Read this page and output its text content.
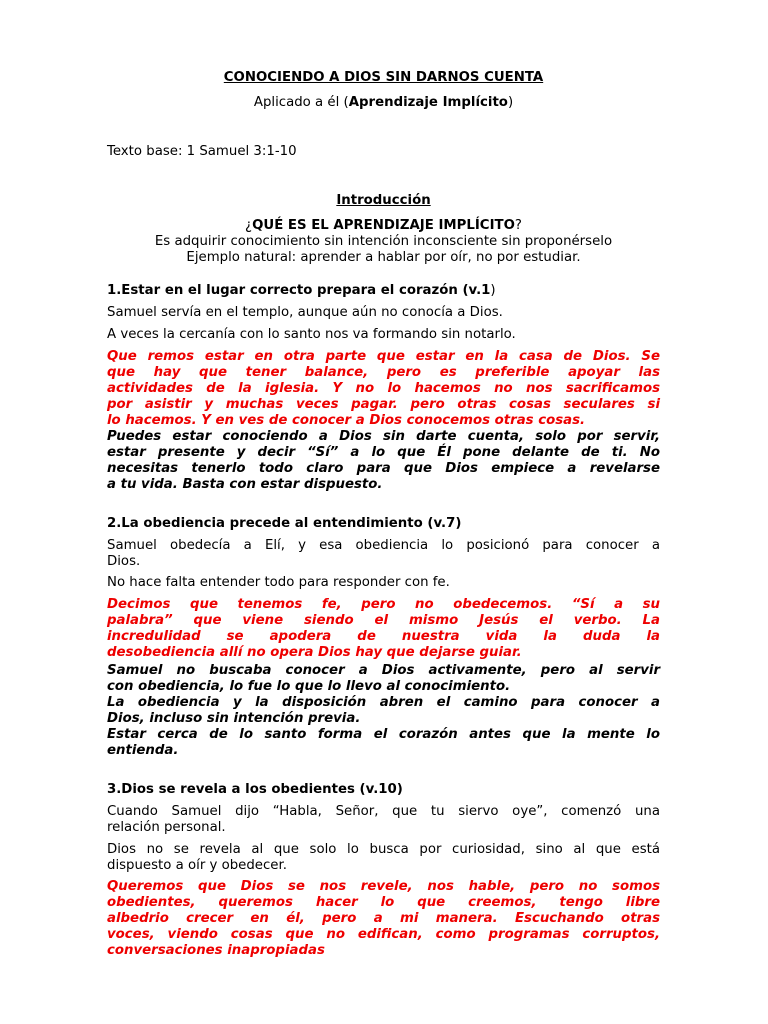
CONOCIENDO A DIOS SIN DARNOS CUENTA

Aplicado a él (Aprendizaje Implícito)

Texto base: 1 Samuel 3:1-10

Introducción

¿QUÉ ES EL APRENDIZAJE IMPLÍCITO?

Es adquirir conocimiento sin intención inconsciente sin proponérselo

Ejemplo natural: aprender a hablar por oír, no por estudiar.

1.Estar en el lugar correcto prepara el corazón (v.1)

Samuel servía en el templo, aunque aún no conocía a Dios.

A veces la cercanía con lo santo nos va formando sin notarlo.

Que remos estar en otra parte que estar en la casa de Dios. Se
que hay que tener balance, pero es preferible apoyar las
actividades de la iglesia. Y no lo hacemos no nos sacrificamos
por asistir y muchas veces pagar. pero otras cosas seculares si
lo hacemos. Y en ves de conocer a Dios conocemos otras cosas.
Puedes estar conociendo a Dios sin darte cuenta, solo por servir,
estar presente y decir “Sí” a lo que Él pone delante de ti. No
necesitas tenerlo todo claro para que Dios empiece a revelarse
a tu vida. Basta con estar dispuesto.

2.La obediencia precede al entendimiento (v.7)

Samuel obedecía a Elí, y esa obediencia lo posicionó para conocer a
Dios.

No hace falta entender todo para responder con fe.

Decimos que tenemos fe, pero no obedecemos. “Sí a su
palabra” que viene siendo el mismo Jesús el verbo. La
incredulidad se apodera de nuestra vida la duda la
desobediencia allí no opera Dios hay que dejarse guiar.
Samuel no buscaba conocer a Dios activamente, pero al servir
con obediencia, lo fue lo que lo llevo al conocimiento.
La obediencia y la disposición abren el camino para conocer a
Dios, incluso sin intención previa.
Estar cerca de lo santo forma el corazón antes que la mente lo
entienda.

3.Dios se revela a los obedientes (v.10)

Cuando Samuel dijo “Habla, Señor, que tu siervo oye”, comenzó una
relación personal.
Dios no se revela al que solo lo busca por curiosidad, sino al que está
dispuesto a oír y obedecer.
Queremos que Dios se nos revele, nos hable, pero no somos
obedientes, queremos hacer lo que creemos, tengo libre
albedrio crecer en él, pero a mi manera. Escuchando otras
voces, viendo cosas que no edifican, como programas corruptos,
conversaciones inapropiadas
